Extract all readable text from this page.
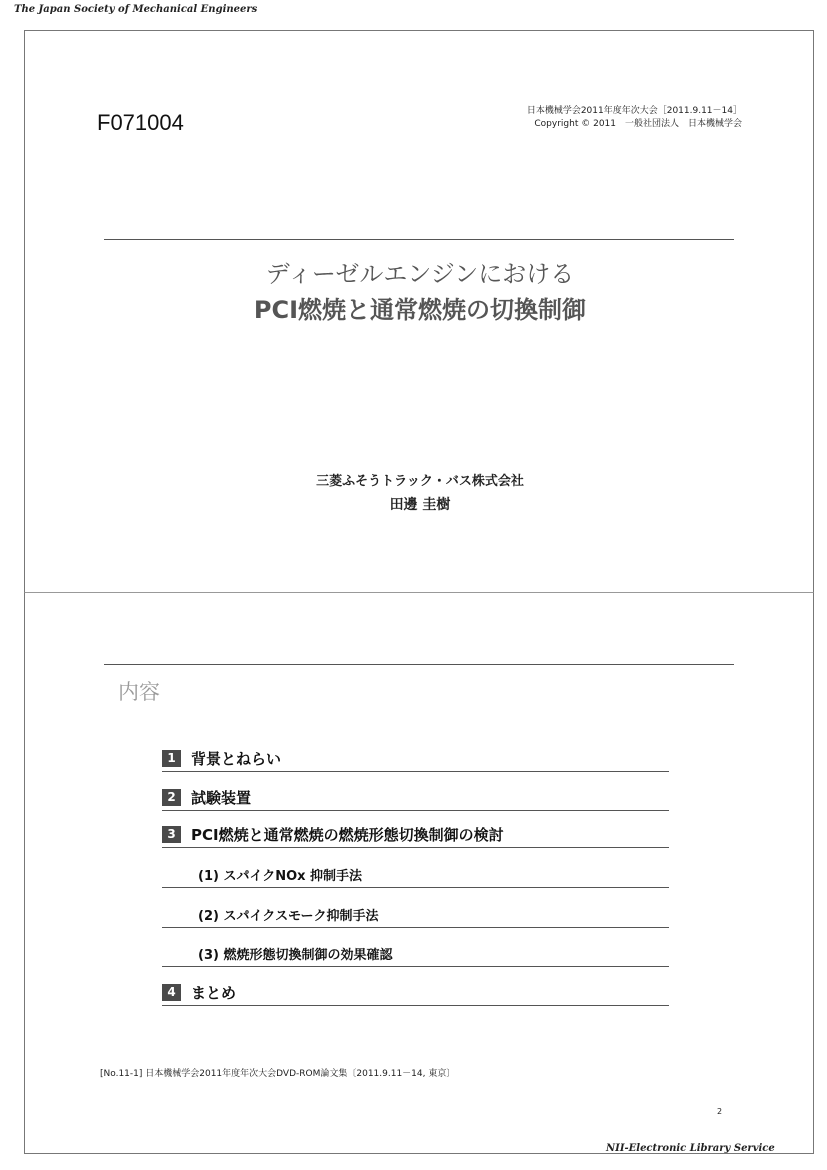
The Japan Society of Mechanical Engineers
F071004	日本機械学会2011年度年次大会［2011.9.11－14］
Copyright © 2011　一般社団法人　日本機械学会
ディーゼルエンジンにおける
PCI燃焼と通常燃焼の切換制御
三菱ふそうトラック・バス株式会社
田邊 圭樹
内容
1	背景とねらい
2	試験装置
3	PCI燃焼と通常燃焼の燃焼形態切換制御の検討
(1) スパイクNOx 抑制手法
(2) スパイクスモーク抑制手法
(3) 燃焼形態切換制御の効果確認
4	まとめ
[No.11-1] 日本機械学会2011年度年次大会DVD-ROM論文集〔2011.9.11－14, 東京〕
2
NII-Electronic Library Service
